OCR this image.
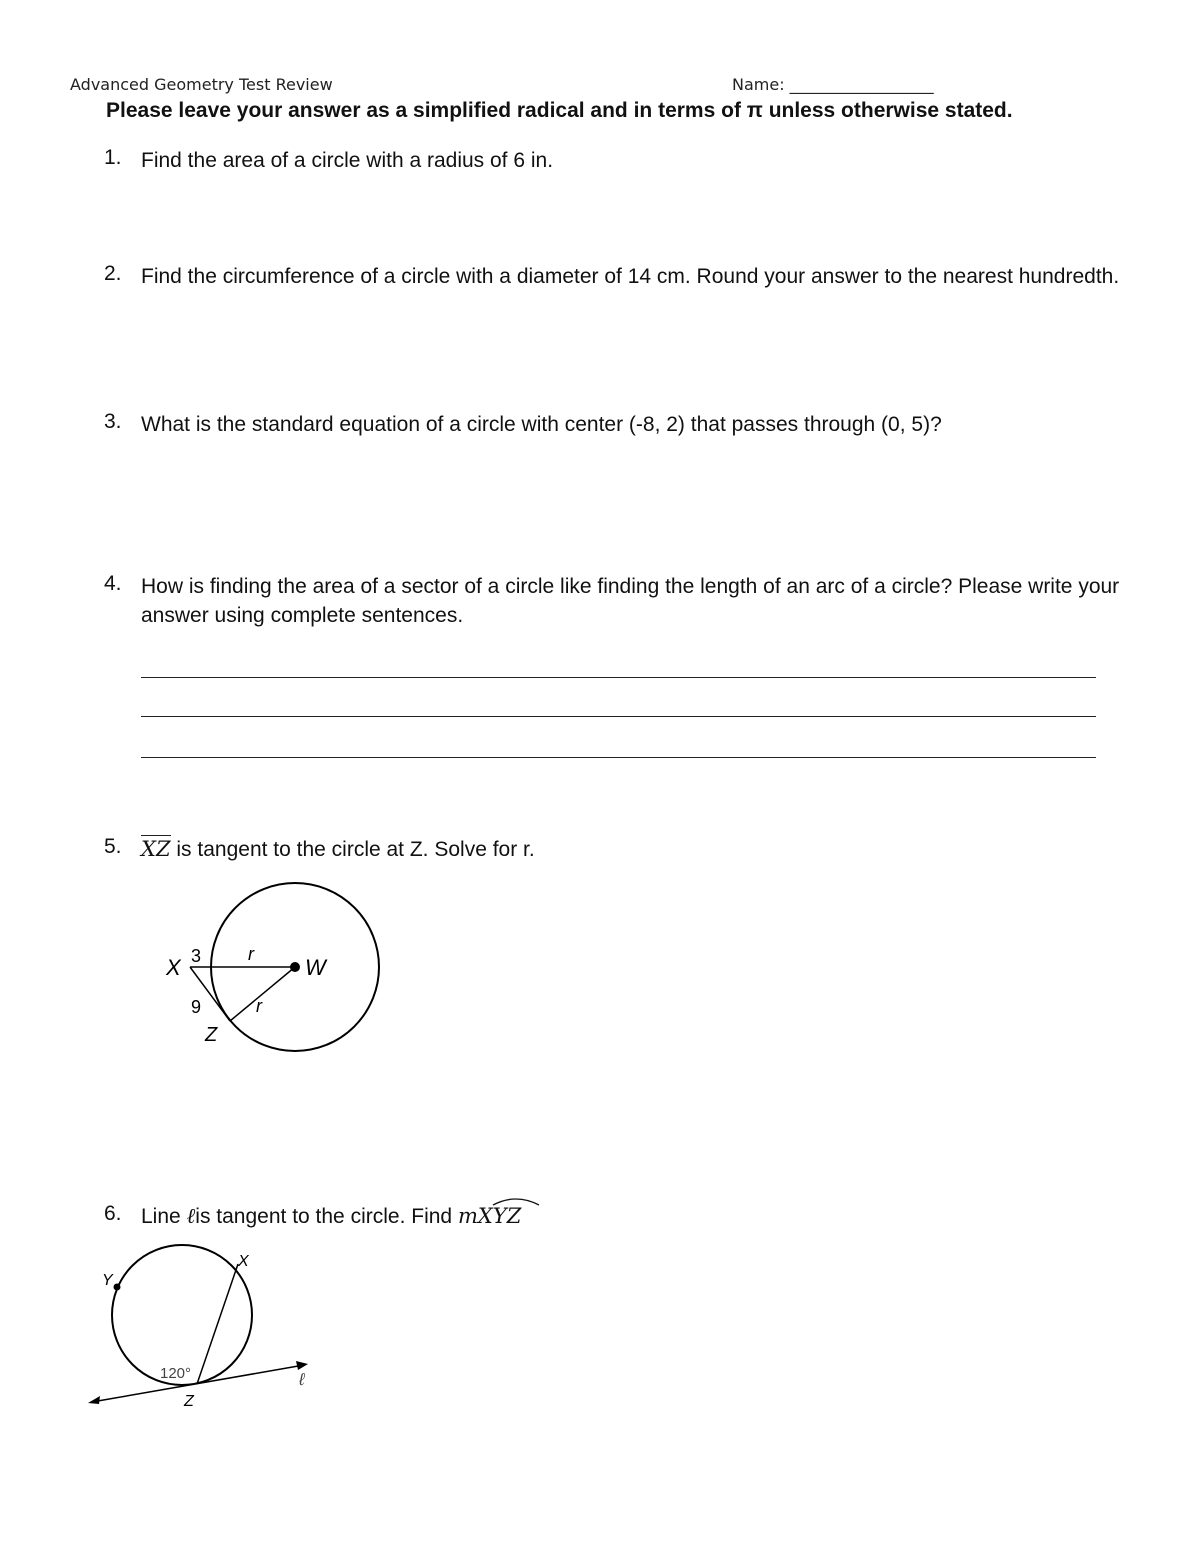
Advanced Geometry Test Review	Name: __________________
Please leave your answer as a simplified radical and in terms of π unless otherwise stated.
1. Find the area of a circle with a radius of 6 in.
2. Find the circumference of a circle with a diameter of 14 cm. Round your answer to the nearest hundredth.
3. What is the standard equation of a circle with center (-8, 2) that passes through (0, 5)?
4. How is finding the area of a sector of a circle like finding the length of an arc of a circle? Please write your answer using complete sentences.
5. XZ is tangent to the circle at Z. Solve for r.
X 3	r
W
9	r
Z
6. Line ℓis tangent to the circle. Find m
XYZ
X
Y
120°
Z
ℓ
